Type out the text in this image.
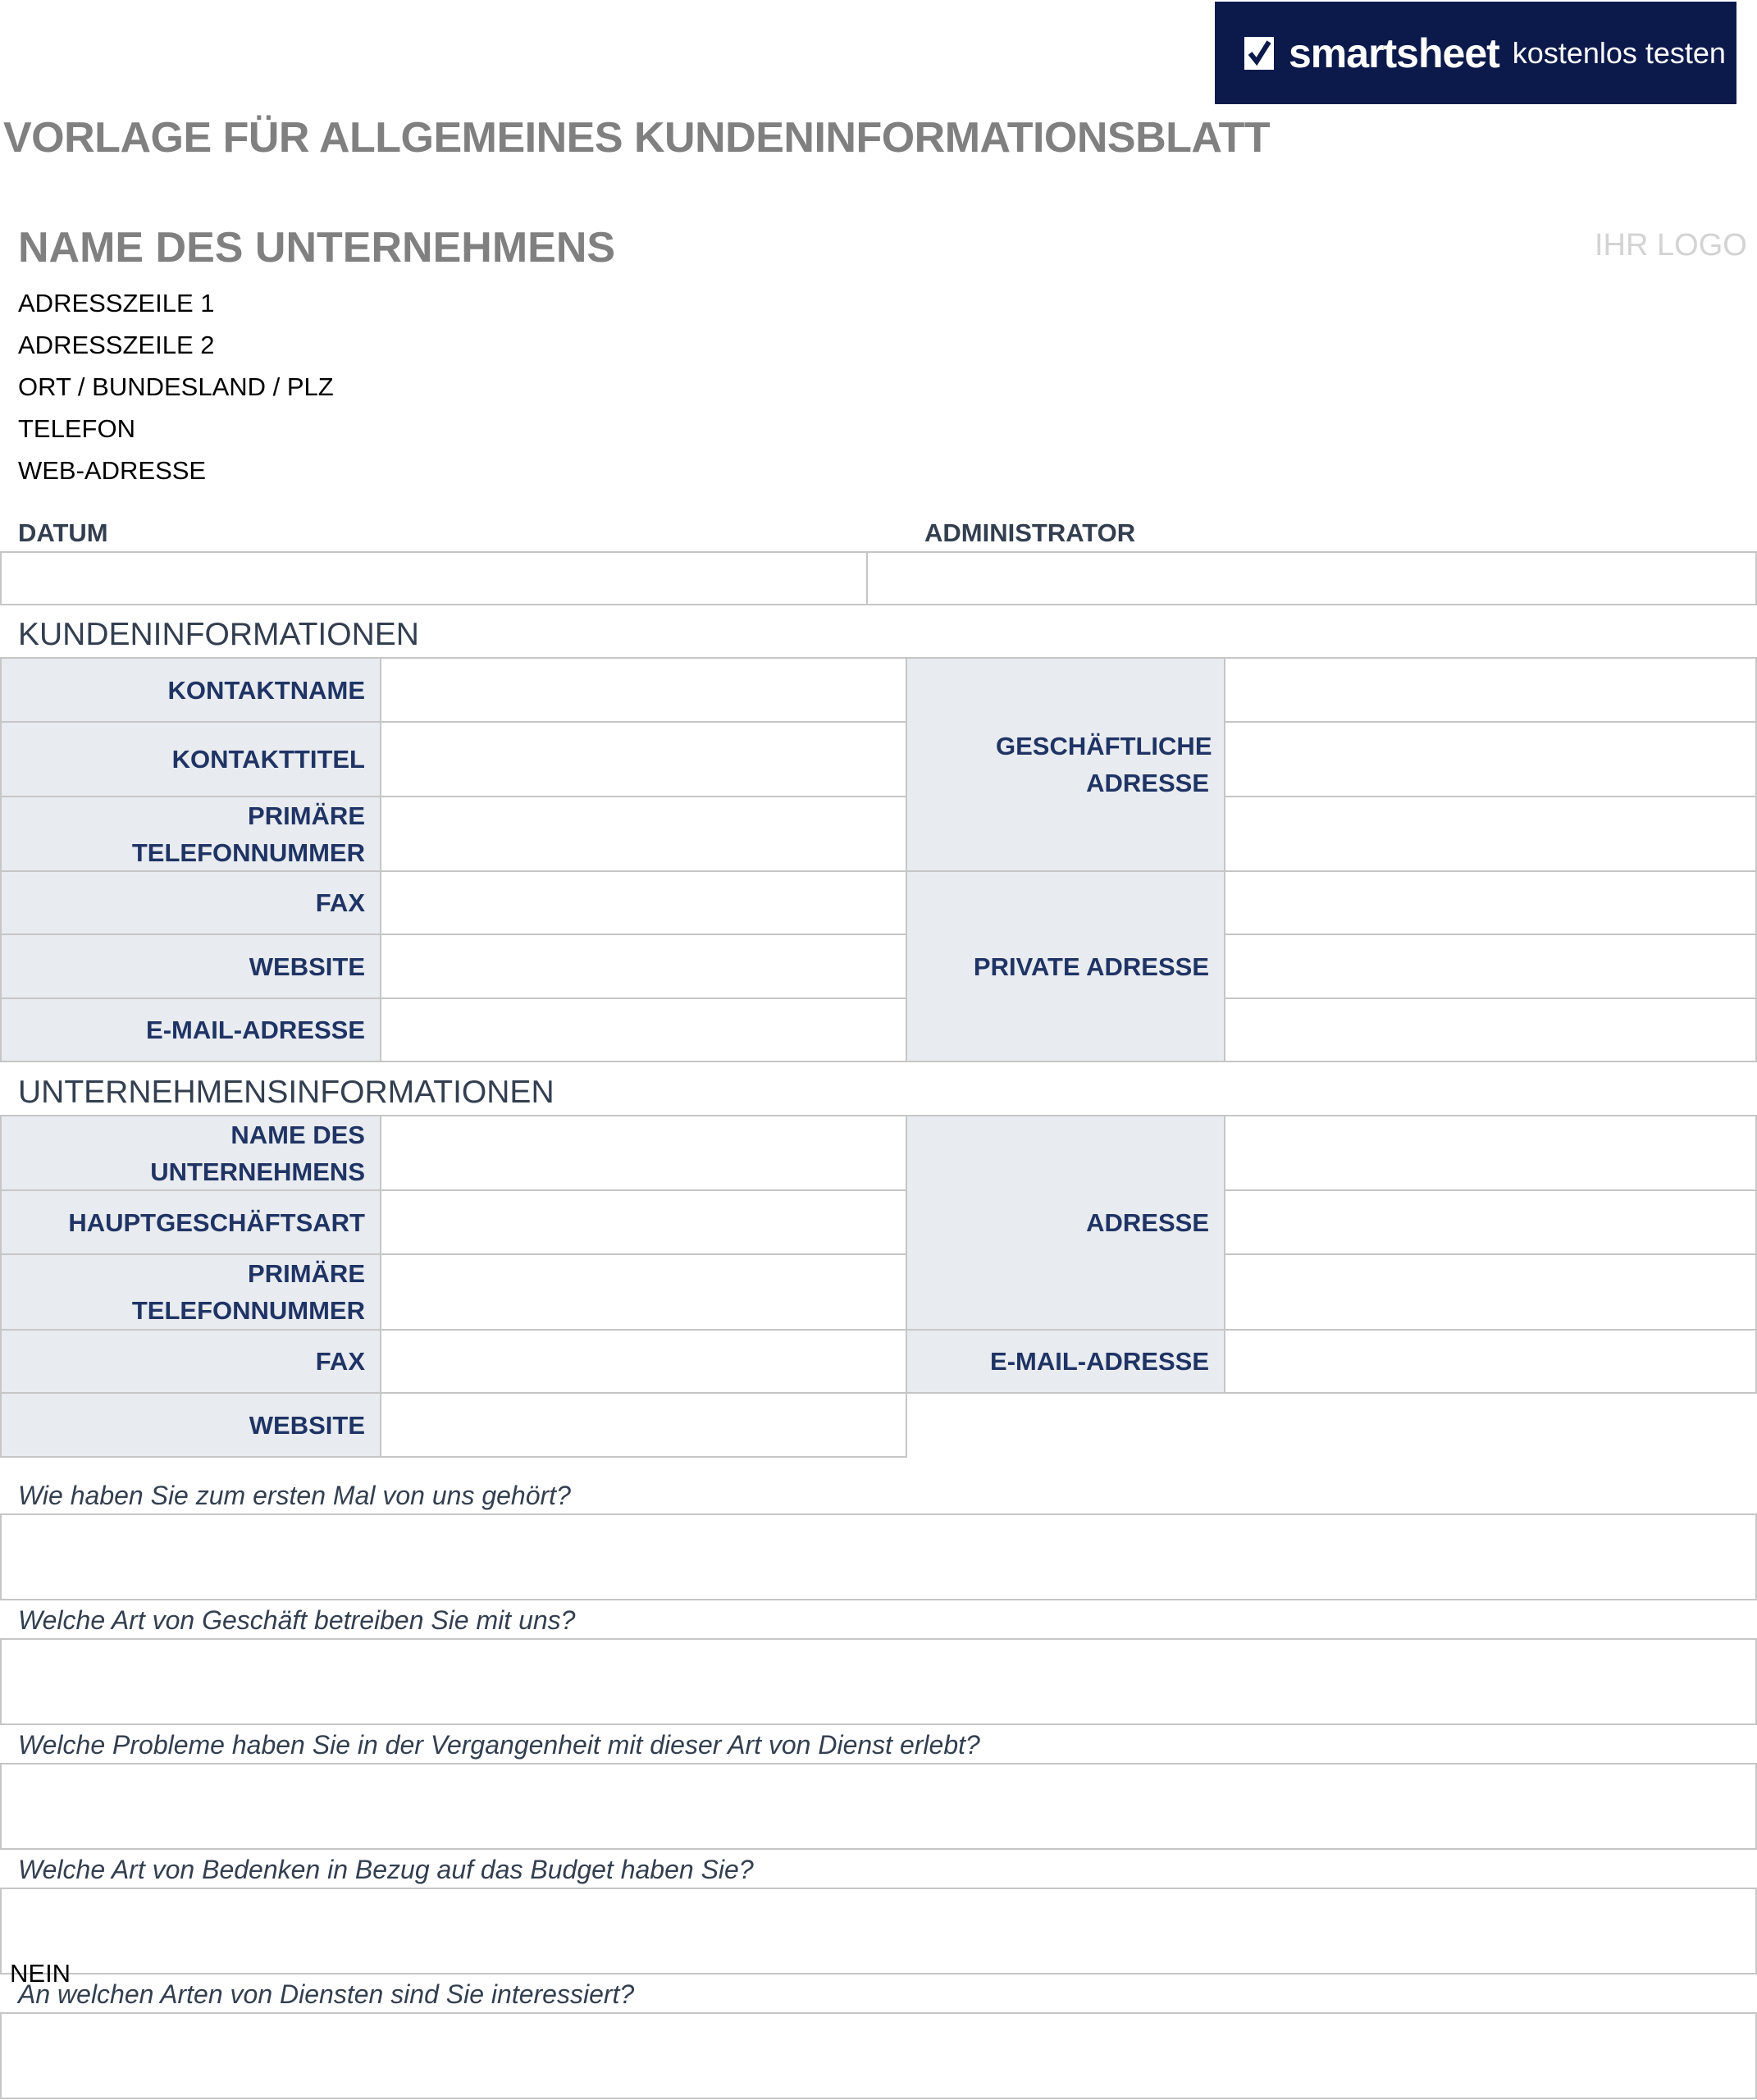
smartsheet kostenlos testen
VORLAGE FÜR ALLGEMEINES KUNDENINFORMATIONSBLATT
NAME DES UNTERNEHMENS	IHR LOGO
ADRESSZEILE 1
ADRESSZEILE 2
ORT / BUNDESLAND / PLZ
TELEFON
WEB-ADRESSE
DATUM	ADMINISTRATOR
KUNDENINFORMATIONEN
KONTAKTNAME
KONTAKTTITEL
PRIMÄRE TELEFONNUMMER
FAX
WEBSITE
E-MAIL-ADRESSE
GESCHÄFTLICHE ADRESSE
PRIVATE ADRESSE
UNTERNEHMENSINFORMATIONEN
NAME DES UNTERNEHMENS
HAUPTGESCHÄFTSART
PRIMÄRE TELEFONNUMMER
FAX
WEBSITE
ADRESSE
E-MAIL-ADRESSE
Wie haben Sie zum ersten Mal von uns gehört?
Welche Art von Geschäft betreiben Sie mit uns?
Welche Probleme haben Sie in der Vergangenheit mit dieser Art von Dienst erlebt?
Welche Art von Bedenken in Bezug auf das Budget haben Sie?
NEIN
An welchen Arten von Diensten sind Sie interessiert?
